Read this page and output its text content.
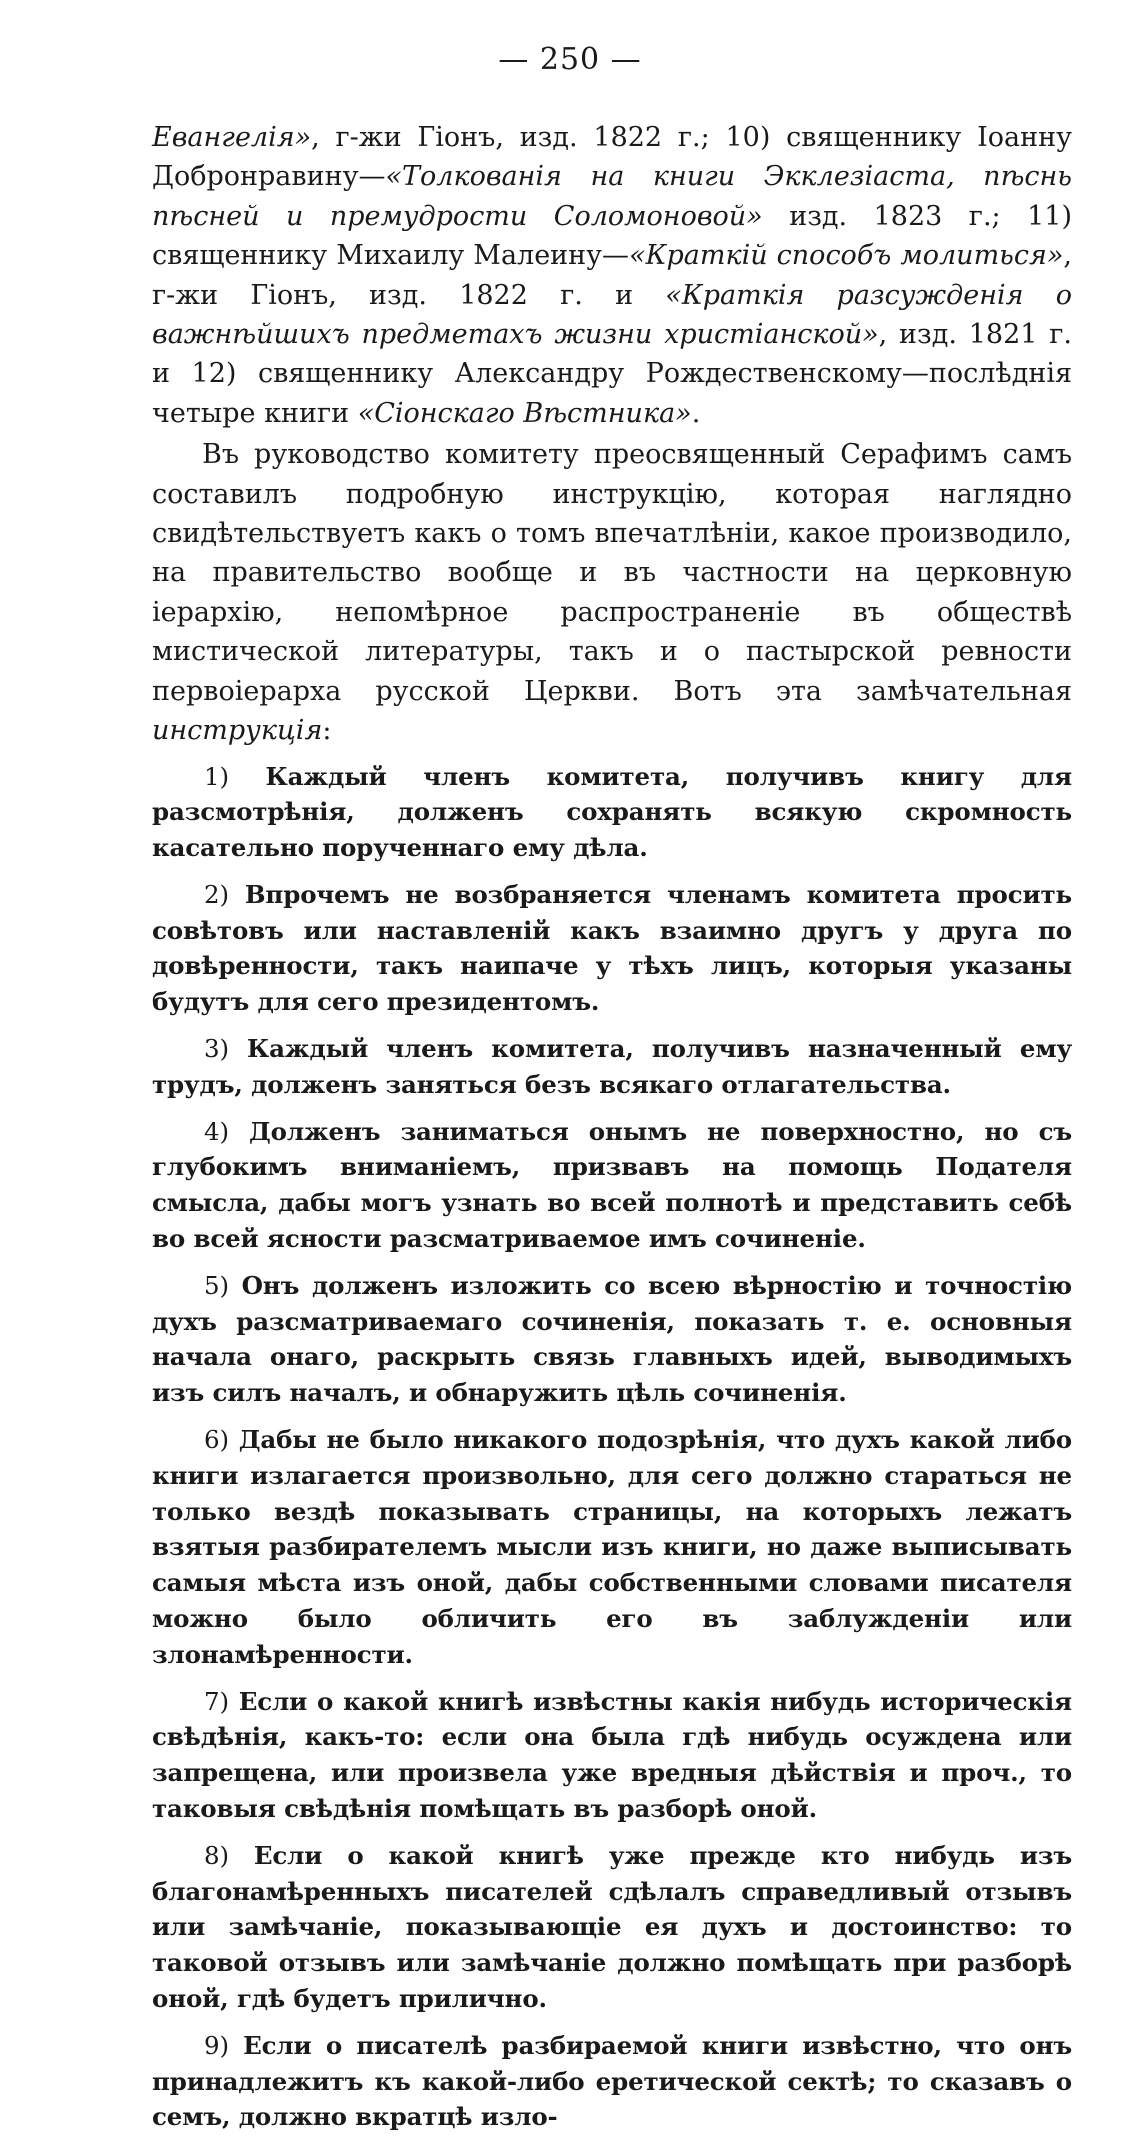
— 250 —

Евангелія», г-жи Гіонъ, изд. 1822 г.; 10) священнику Іоанну Добронравину—«Толкованія на книги Экклезіаста, пѣснь пѣсней и премудрости Соломоновой» изд. 1823 г.; 11) священнику Михаилу Малеину—«Краткій способъ молиться», г-жи Гіонъ, изд. 1822 г. и «Краткія разсужденія о важнѣйшихъ предметахъ жизни христіанской», изд. 1821 г. и 12) священнику Александру Рождественскому—послѣднія четыре книги «Сіонскаго Вѣстника».

Въ руководство комитету преосвященный Серафимъ самъ составилъ подробную инструкцію, которая наглядно свидѣтельствуетъ какъ о томъ впечатлѣніи, какое производило, на правительство вообще и въ частности на церковную іерархію, непомѣрное распространеніе въ обществѣ мистической литературы, такъ и о пастырской ревности первоіерарха русской Церкви. Вотъ эта замѣчательная инструкція:

1) Каждый членъ комитета, получивъ книгу для разсмотрѣнія, долженъ сохранять всякую скромность касательно порученнаго ему дѣла.

2) Впрочемъ не возбраняется членамъ комитета просить совѣтовъ или наставленій какъ взаимно другъ у друга по довѣренности, такъ наипаче у тѣхъ лицъ, которыя указаны будутъ для сего президентомъ.

3) Каждый членъ комитета, получивъ назначенный ему трудъ, долженъ заняться безъ всякаго отлагательства.

4) Долженъ заниматься онымъ не поверхностно, но съ глубокимъ вниманіемъ, призвавъ на помощь Подателя смысла, дабы могъ узнать во всей полнотѣ и представить себѣ во всей ясности разсматриваемое имъ сочиненіе.

5) Онъ долженъ изложить со всею вѣрностію и точностію духъ разсматриваемаго сочиненія, показать т. е. основныя начала онаго, раскрыть связь главныхъ идей, выводимыхъ изъ силъ началъ, и обнаружить цѣль сочиненія.

6) Дабы не было никакого подозрѣнія, что духъ какой либо книги излагается произвольно, для сего должно стараться не только вездѣ показывать страницы, на которыхъ лежатъ взятыя разбирателемъ мысли изъ книги, но даже выписывать самыя мѣста изъ оной, дабы собственными словами писателя можно было обличить его въ заблужденіи или злонамѣренности.

7) Если о какой книгѣ извѣстны какія нибудь историческія свѣдѣнія, какъ-то: если она была гдѣ нибудь осуждена или запрещена, или произвела уже вредныя дѣйствія и проч., то таковыя свѣдѣнія помѣщать въ разборѣ оной.

8) Если о какой книгѣ уже прежде кто нибудь изъ благонамѣренныхъ писателей сдѣлалъ справедливый отзывъ или замѣчаніе, показывающіе ея духъ и достоинство: то таковой отзывъ или замѣчаніе должно помѣщать при разборѣ оной, гдѣ будетъ прилично.

9) Если о писателѣ разбираемой книги извѣстно, что онъ принадлежитъ къ какой-либо еретической сектѣ; то сказавъ о семъ, должно вкратцѣ изло-
